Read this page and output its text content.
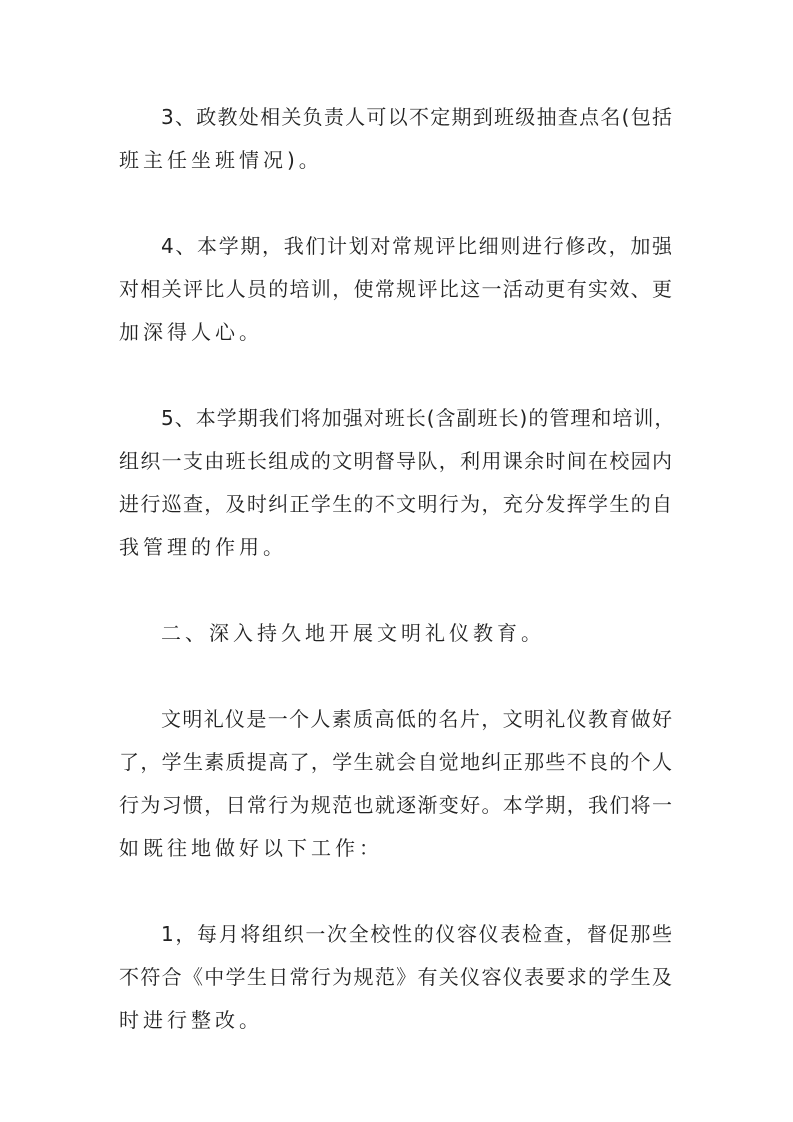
3、政教处相关负责人可以不定期到班级抽查点名(包括
班主任坐班情况)。
4、本学期，我们计划对常规评比细则进行修改，加强
对相关评比人员的培训，使常规评比这一活动更有实效、更
加深得人心。
5、本学期我们将加强对班长(含副班长)的管理和培训，
组织一支由班长组成的文明督导队，利用课余时间在校园内
进行巡查，及时纠正学生的不文明行为，充分发挥学生的自
我管理的作用。
二、深入持久地开展文明礼仪教育。
文明礼仪是一个人素质高低的名片，文明礼仪教育做好
了，学生素质提高了，学生就会自觉地纠正那些不良的个人
行为习惯，日常行为规范也就逐渐变好。本学期，我们将一
如既往地做好以下工作：
1，每月将组织一次全校性的仪容仪表检查，督促那些
不符合《中学生日常行为规范》有关仪容仪表要求的学生及
时进行整改。
